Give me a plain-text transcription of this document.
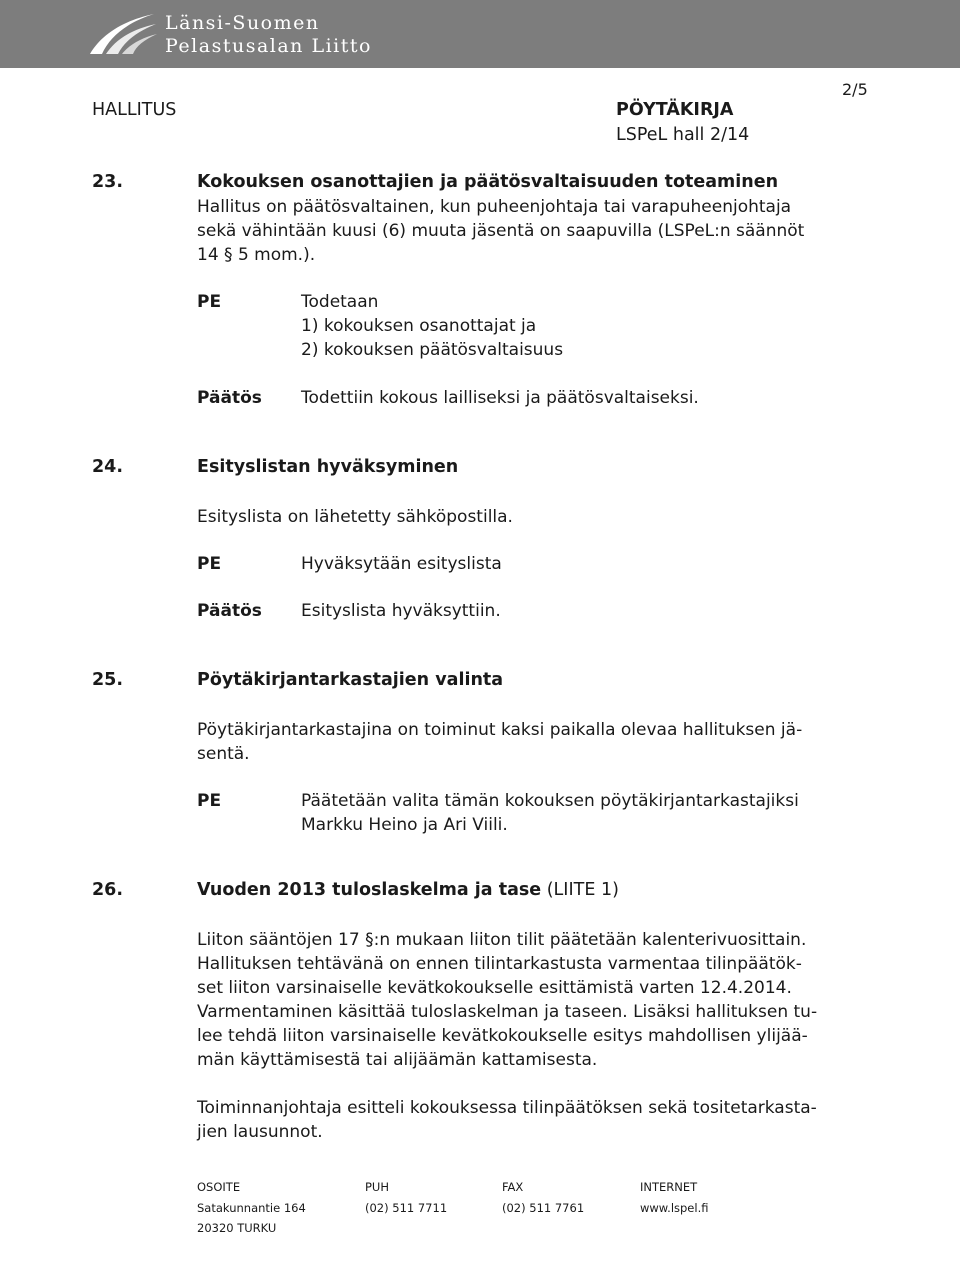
Länsi-Suomen
Pelastusalan Liitto
HALLITUS	PÖYTÄKIRJA
LSPeL hall 2/14
2/5
23.	Kokouksen osanottajien ja päätösvaltaisuuden toteaminen
Hallitus on päätösvaltainen, kun puheenjohtaja tai varapuheenjohtaja
sekä vähintään kuusi (6) muuta jäsentä on saapuvilla (LSPeL:n säännöt
14 § 5 mom.).
PE	Todetaan
1) kokouksen osanottajat ja
2) kokouksen päätösvaltaisuus
Päätös Todettiin kokous lailliseksi ja päätösvaltaiseksi.
24.	Esityslistan hyväksyminen
Esityslista on lähetetty sähköpostilla.
PE	Hyväksytään esityslista
Päätös Esityslista hyväksyttiin.
25.	Pöytäkirjantarkastajien valinta
Pöytäkirjantarkastajina on toiminut kaksi paikalla olevaa hallituksen jä-
sentä.
PE	Päätetään valita tämän kokouksen pöytäkirjantarkastajiksi
Markku Heino ja Ari Viili.
26.	Vuoden 2013 tuloslaskelma ja tase (LIITE 1)
Liiton sääntöjen 17 §:n mukaan liiton tilit päätetään kalenterivuosittain.
Hallituksen tehtävänä on ennen tilintarkastusta varmentaa tilinpäätök-
set liiton varsinaiselle kevätkokoukselle esittämistä varten 12.4.2014.
Varmentaminen käsittää tuloslaskelman ja taseen. Lisäksi hallituksen tu-
lee tehdä liiton varsinaiselle kevätkokoukselle esitys mahdollisen ylijää-
män käyttämisestä tai alijäämän kattamisesta.
Toiminnanjohtaja esitteli kokouksessa tilinpäätöksen sekä tositetarkasta-
jien lausunnot.
OSOITE	PUH	FAX	INTERNET
Satakunnantie 164	(02) 511 7711	(02) 511 7761	www.lspel.fi
20320 TURKU
